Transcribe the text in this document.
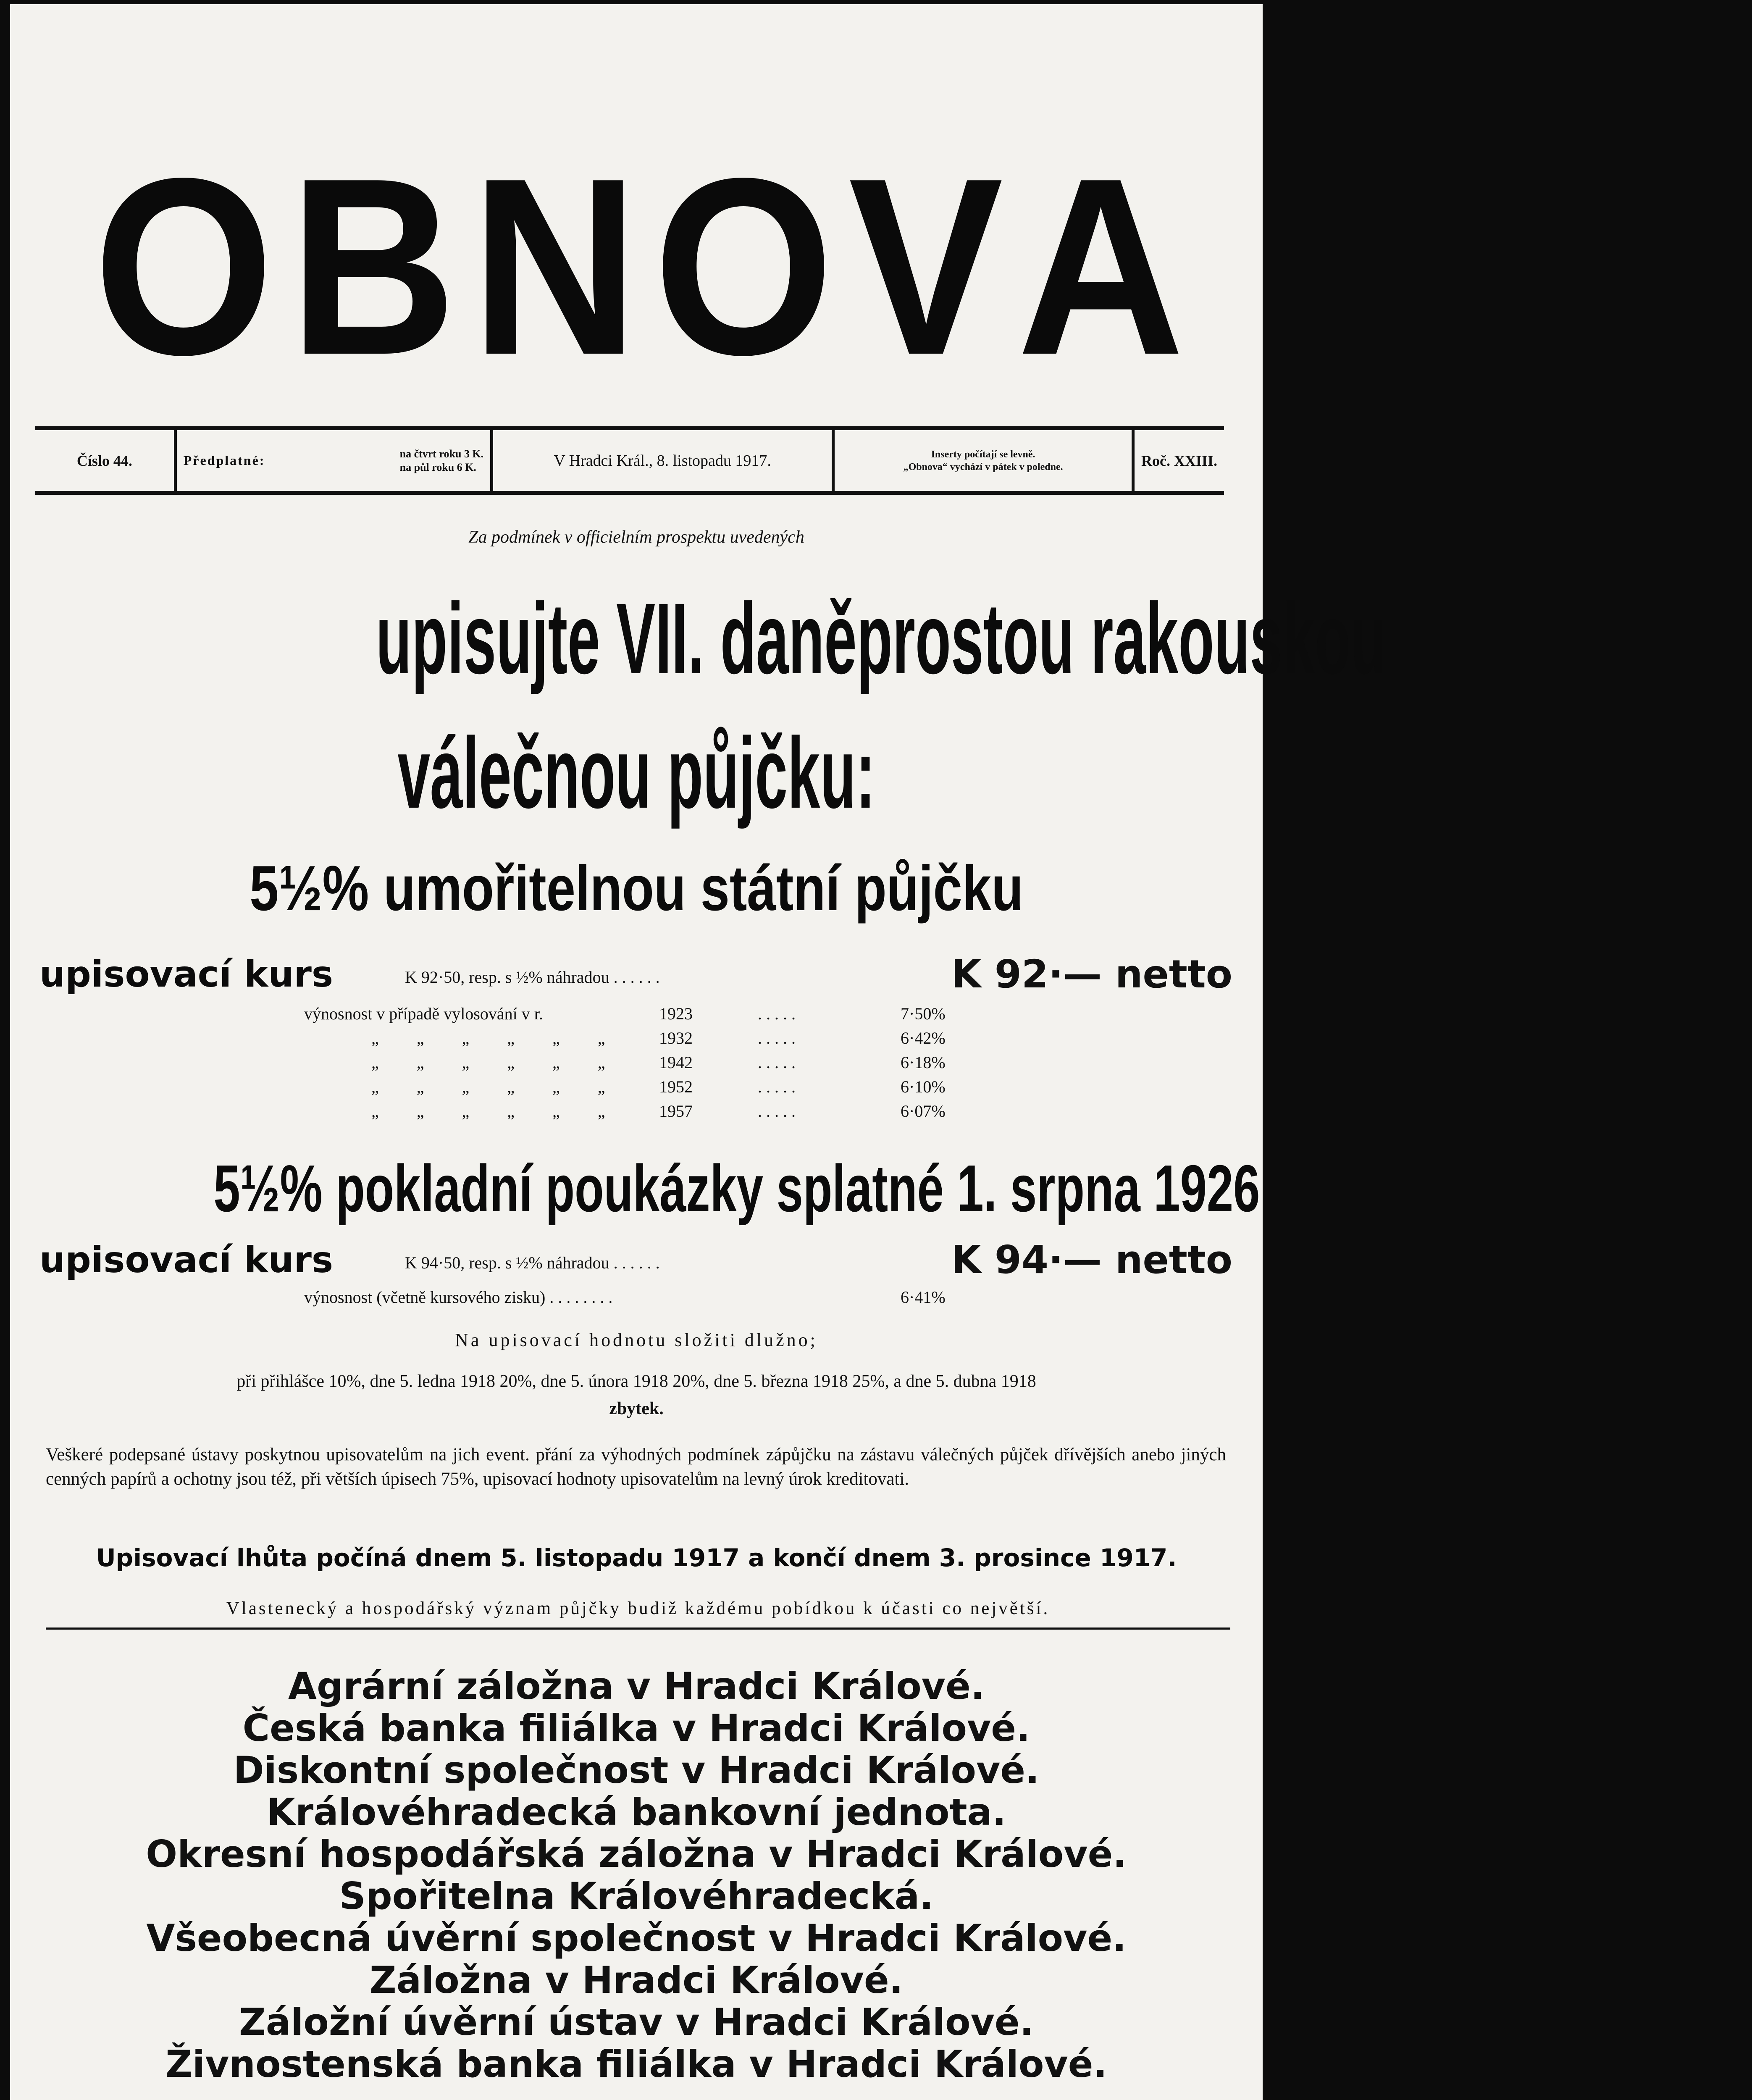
O B N O V A
Číslo 44.	Předplatné:	na čtvrt roku 3 K.
na půl roku 6 K.	V Hradci Král., 8. listopadu 1917.	Inserty počítají se levně.
„Obnova“ vychází v pátek v poledne.	Roč. XXIII.
Za podmínek v officielním prospektu uvedených
upisujte VII. daněprostou rakouskou
válečnou půjčku:
5½% umořitelnou státní půjčku
upisovací kurs	K 92·50, resp. s ½% náhradou . . . . . .	K 92·— netto
výnosnost v případě vylosování v r.	1923	. . . . .	7·50%
„ „ „ „ „ „ 1932	. . . . .	6·42%
„ „ „ „ „ „ 1942	. . . . .	6·18%
„ „ „ „ „ „ 1952	. . . . .	6·10%
„ „ „ „ „ „ 1957	. . . . .	6·07%
5½% pokladní poukázky splatné 1. srpna 1926
upisovací kurs	K 94·50, resp. s ½% náhradou . . . . . .	K 94·— netto
výnosnost (včetně kursového zisku) . . . . . . . .	6·41%
Na upisovací hodnotu složiti dlužno;
při přihlášce 10%, dne 5. ledna 1918 20%, dne 5. února 1918 20%, dne 5. března 1918 25%, a dne 5. dubna 1918
zbytek.
Veškeré podepsané ústavy poskytnou upisovatelům na jich event. přání za výhodných podmínek zápůjčku na zástavu válečných půjček dřívějších anebo jiných cenných papírů a ochotny jsou též, při větších úpisech 75%, upisovací hodnoty upisovatelům na levný úrok kreditovati.
Upisovací lhůta počíná dnem 5. listopadu 1917 a končí dnem 3. prosince 1917.
Vlastenecký a hospodářský význam půjčky budiž každému pobídkou k účasti co největší.
Agrární záložna v Hradci Králové.
Česká banka filiálka v Hradci Králové.
Diskontní společnost v Hradci Králové.
Královéhradecká bankovní jednota.
Okresní hospodářská záložna v Hradci Králové.
Spořitelna Královéhradecká.
Všeobecná úvěrní společnost v Hradci Králové.
Záložna v Hradci Králové.
Záložní úvěrní ústav v Hradci Králové.
Živnostenská banka filiálka v Hradci Králové.
